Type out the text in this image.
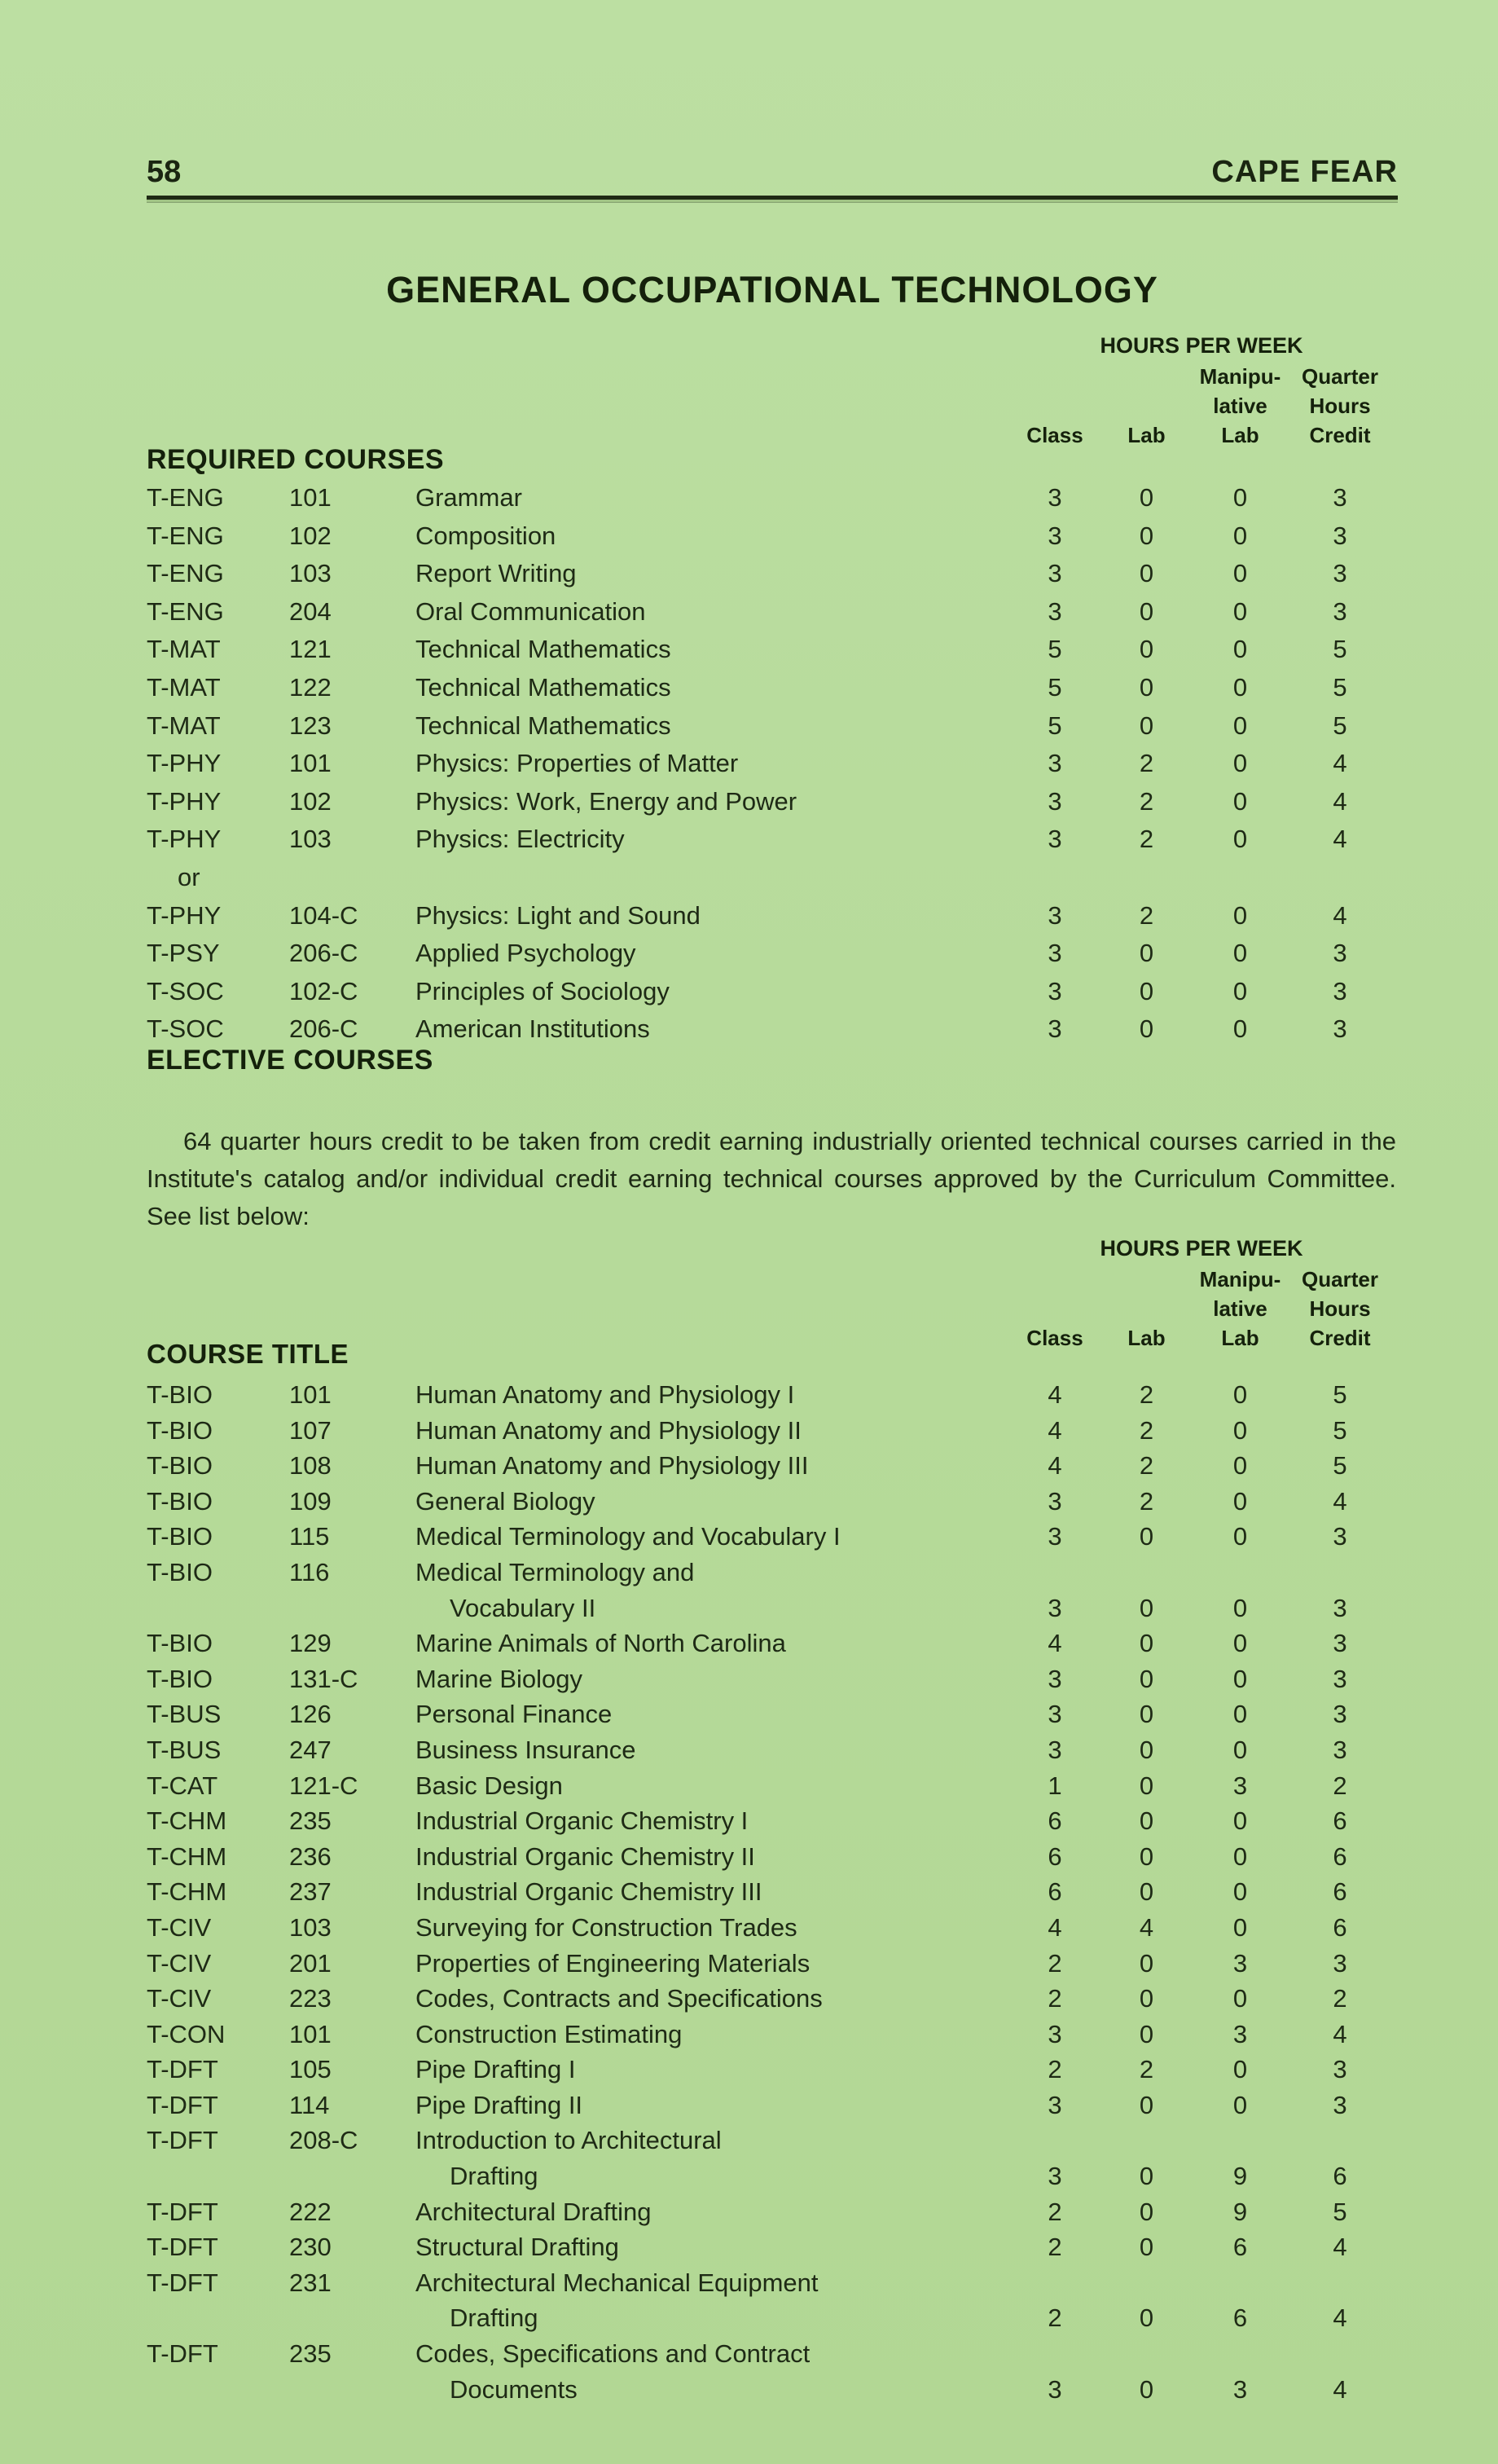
58	CAPE FEAR
GENERAL OCCUPATIONAL TECHNOLOGY
HOURS PER WEEK
Manipu- Quarter
lative	Hours
Class	Lab	Lab	Credit
REQUIRED COURSES
T-ENG	101	Grammar	3	0	0	3
T-ENG	102	Composition	3	0	0	3
T-ENG	103	Report Writing	3	0	0	3
T-ENG	204	Oral Communication	3	0	0	3
T-MAT	121	Technical Mathematics	5	0	0	5
T-MAT	122	Technical Mathematics	5	0	0	5
T-MAT	123	Technical Mathematics	5	0	0	5
T-PHY	101	Physics: Properties of Matter	3	2	0	4
T-PHY	102	Physics: Work, Energy and Power	3	2	0	4
T-PHY	103	Physics: Electricity	3	2	0	4
or
T-PHY	104-C	Physics: Light and Sound	3	2	0	4
T-PSY	206-C	Applied Psychology	3	0	0	3
T-SOC	102-C	Principles of Sociology	3	0	0	3
T-SOC	206-C	American Institutions	3	0	0	3
ELECTIVE COURSES

64 quarter hours credit to be taken from credit earning industrially oriented technical courses carried in the Institute's catalog and/or individual credit earning technical courses approved by the Curriculum Committee. See list below:

HOURS PER WEEK
Manipu- Quarter
lative	Hours
Class	Lab	Lab	Credit
COURSE TITLE
T-BIO	101	Human Anatomy and Physiology I	4	2	0	5
T-BIO	107	Human Anatomy and Physiology II	4	2	0	5
T-BIO	108	Human Anatomy and Physiology III	4	2	0	5
T-BIO	109	General Biology	3	2	0	4
T-BIO	115	Medical Terminology and Vocabulary I	3	0	0	3
T-BIO	116	Medical Terminology and
Vocabulary II	3	0	0	3
T-BIO	129	Marine Animals of North Carolina	4	0	0	3
T-BIO	131-C	Marine Biology	3	0	0	3
T-BUS	126	Personal Finance	3	0	0	3
T-BUS	247	Business Insurance	3	0	0	3
T-CAT	121-C	Basic Design	1	0	3	2
T-CHM	235	Industrial Organic Chemistry I	6	0	0	6
T-CHM	236	Industrial Organic Chemistry II	6	0	0	6
T-CHM	237	Industrial Organic Chemistry III	6	0	0	6
T-CIV	103	Surveying for Construction Trades	4	4	0	6
T-CIV	201	Properties of Engineering Materials	2	0	3	3
T-CIV	223	Codes, Contracts and Specifications	2	0	0	2
T-CON	101	Construction Estimating	3	0	3	4
T-DFT	105	Pipe Drafting I	2	2	0	3
T-DFT	114	Pipe Drafting II	3	0	0	3
T-DFT	208-C	Introduction to Architectural
Drafting	3	0	9	6
T-DFT	222	Architectural Drafting	2	0	9	5
T-DFT	230	Structural Drafting	2	0	6	4
T-DFT	231	Architectural Mechanical Equipment
Drafting	2	0	6	4
T-DFT	235	Codes, Specifications and Contract
Documents	3	0	3	4
